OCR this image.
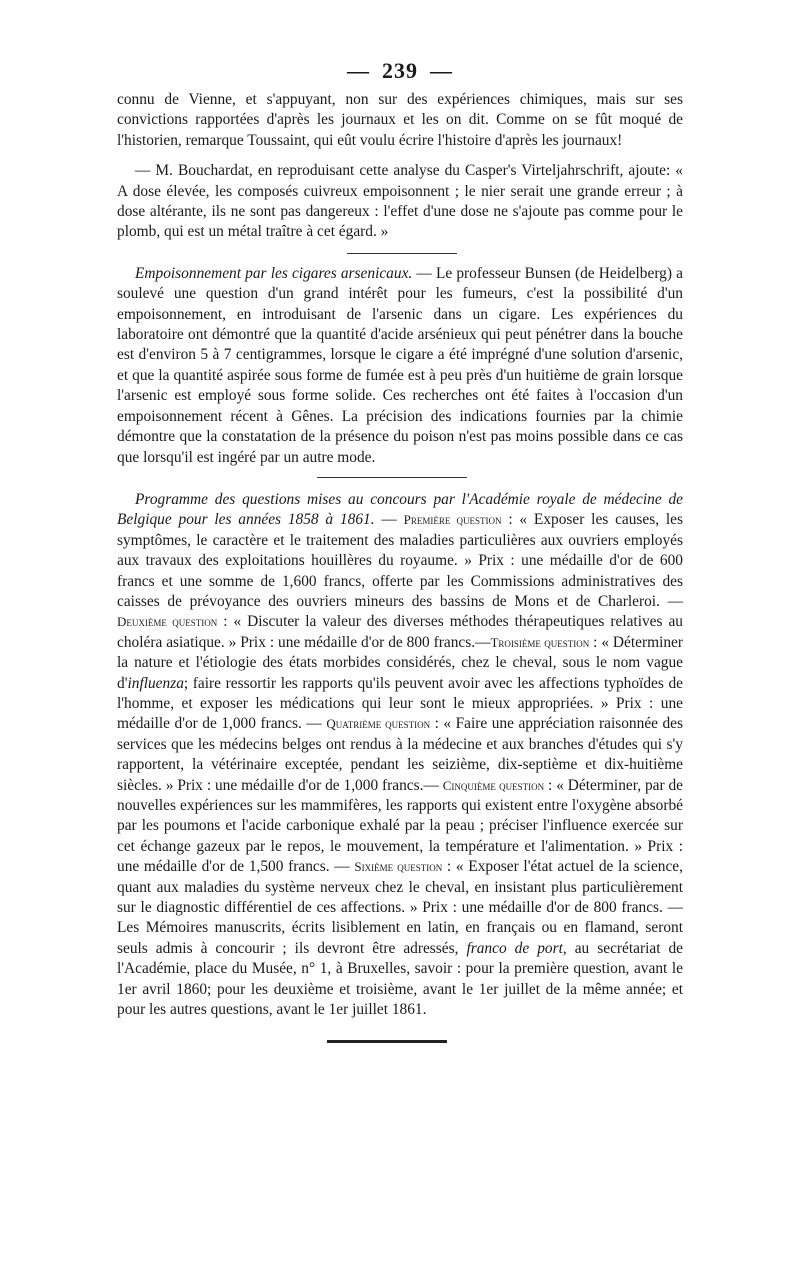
— 239 —

connu de Vienne, et s'appuyant, non sur des expériences chimiques, mais sur ses convictions rapportées d'après les journaux et les on dit. Comme on se fût moqué de l'historien, remarque Toussaint, qui eût voulu écrire l'histoire d'après les journaux!

— M. Bouchardat, en reproduisant cette analyse du Casper's Virteljahrschrift, ajoute: « A dose élevée, les composés cuivreux empoisonnent ; le nier serait une grande erreur ; à dose altérante, ils ne sont pas dangereux : l'effet d'une dose ne s'ajoute pas comme pour le plomb, qui est un métal traître à cet égard. »

Empoisonnement par les cigares arsenicaux. — Le professeur Bunsen (de Heidelberg) a soulevé une question d'un grand intérêt pour les fumeurs, c'est la possibilité d'un empoisonnement, en introduisant de l'arsenic dans un cigare. Les expériences du laboratoire ont démontré que la quantité d'acide arsénieux qui peut pénétrer dans la bouche est d'environ 5 à 7 centigrammes, lorsque le cigare a été imprégné d'une solution d'arsenic, et que la quantité aspirée sous forme de fumée est à peu près d'un huitième de grain lorsque l'arsenic est employé sous forme solide. Ces recherches ont été faites à l'occasion d'un empoisonnement récent à Gênes. La précision des indications fournies par la chimie démontre que la constatation de la présence du poison n'est pas moins possible dans ce cas que lorsqu'il est ingéré par un autre mode.

Programme des questions mises au concours par l'Académie royale de médecine de Belgique pour les années 1858 à 1861. — Première question : « Exposer les causes, les symptômes, le caractère et le traitement des maladies particulières aux ouvriers employés aux travaux des exploitations houillères du royaume. » Prix : une médaille d'or de 600 francs et une somme de 1,600 francs, offerte par les Commissions administratives des caisses de prévoyance des ouvriers mineurs des bassins de Mons et de Charleroi. — Deuxième question : « Discuter la valeur des diverses méthodes thérapeutiques relatives au choléra asiatique. » Prix : une médaille d'or de 800 francs.—Troisième question : « Déterminer la nature et l'étiologie des états morbides considérés, chez le cheval, sous le nom vague d'influenza; faire ressortir les rapports qu'ils peuvent avoir avec les affections typhoïdes de l'homme, et exposer les médications qui leur sont le mieux appropriées. » Prix : une médaille d'or de 1,000 francs. — Quatrième question : « Faire une appréciation raisonnée des services que les médecins belges ont rendus à la médecine et aux branches d'études qui s'y rapportent, la vétérinaire exceptée, pendant les seizième, dix-septième et dix-huitième siècles. » Prix : une médaille d'or de 1,000 francs.— Cinquième question : « Déterminer, par de nouvelles expériences sur les mammifères, les rapports qui existent entre l'oxygène absorbé par les poumons et l'acide carbonique exhalé par la peau ; préciser l'influence exercée sur cet échange gazeux par le repos, le mouvement, la température et l'alimentation. » Prix : une médaille d'or de 1,500 francs. — Sixième question : « Exposer l'état actuel de la science, quant aux maladies du système nerveux chez le cheval, en insistant plus particulièrement sur le diagnostic différentiel de ces affections. » Prix : une médaille d'or de 800 francs. — Les Mémoires manuscrits, écrits lisiblement en latin, en français ou en flamand, seront seuls admis à concourir ; ils devront être adressés, franco de port, au secrétariat de l'Académie, place du Musée, n° 1, à Bruxelles, savoir : pour la première question, avant le 1er avril 1860; pour les deuxième et troisième, avant le 1er juillet de la même année; et pour les autres questions, avant le 1er juillet 1861.
